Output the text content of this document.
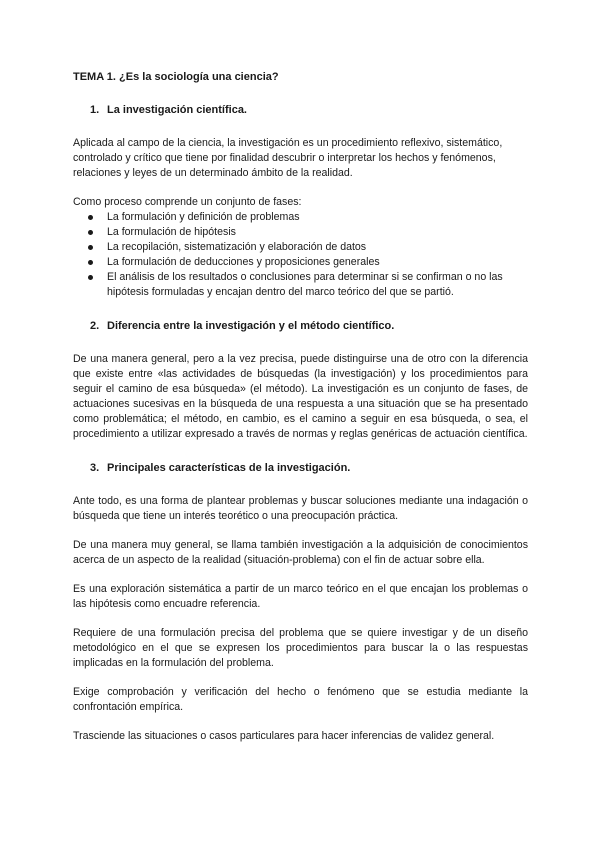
TEMA 1. ¿Es la sociología una ciencia?

1. La investigación científica.

Aplicada al campo de la ciencia, la investigación es un procedimiento reflexivo, sistemático, controlado y crítico que tiene por finalidad descubrir o interpretar los hechos y fenómenos, relaciones y leyes de un determinado ámbito de la realidad.

Como proceso comprende un conjunto de fases:

La formulación y definición de problemas
La formulación de hipótesis
La recopilación, sistematización y elaboración de datos
La formulación de deducciones y proposiciones generales
El análisis de los resultados o conclusiones para determinar si se confirman o no las hipótesis formuladas y encajan dentro del marco teórico del que se partió.
2. Diferencia entre la investigación y el método científico.

De una manera general, pero a la vez precisa, puede distinguirse una de otro con la diferencia que existe entre «las actividades de búsquedas (la investigación) y los procedimientos para seguir el camino de esa búsqueda» (el método). La investigación es un conjunto de fases, de actuaciones sucesivas en la búsqueda de una respuesta a una situación que se ha presentado como problemática; el método, en cambio, es el camino a seguir en esa búsqueda, o sea, el procedimiento a utilizar expresado a través de normas y reglas genéricas de actuación científica.

3. Principales características de la investigación.

Ante todo, es una forma de plantear problemas y buscar soluciones mediante una indagación o búsqueda que tiene un interés teorético o una preocupación práctica.

De una manera muy general, se llama también investigación a la adquisición de conocimientos acerca de un aspecto de la realidad (situación-problema) con el fin de actuar sobre ella.

Es una exploración sistemática a partir de un marco teórico en el que encajan los problemas o las hipótesis como encuadre referencia.

Requiere de una formulación precisa del problema que se quiere investigar y de un diseño metodológico en el que se expresen los procedimientos para buscar la o las respuestas implicadas en la formulación del problema.

Exige comprobación y verificación del hecho o fenómeno que se estudia mediante la confrontación empírica.

Trasciende las situaciones o casos particulares para hacer inferencias de validez general.
